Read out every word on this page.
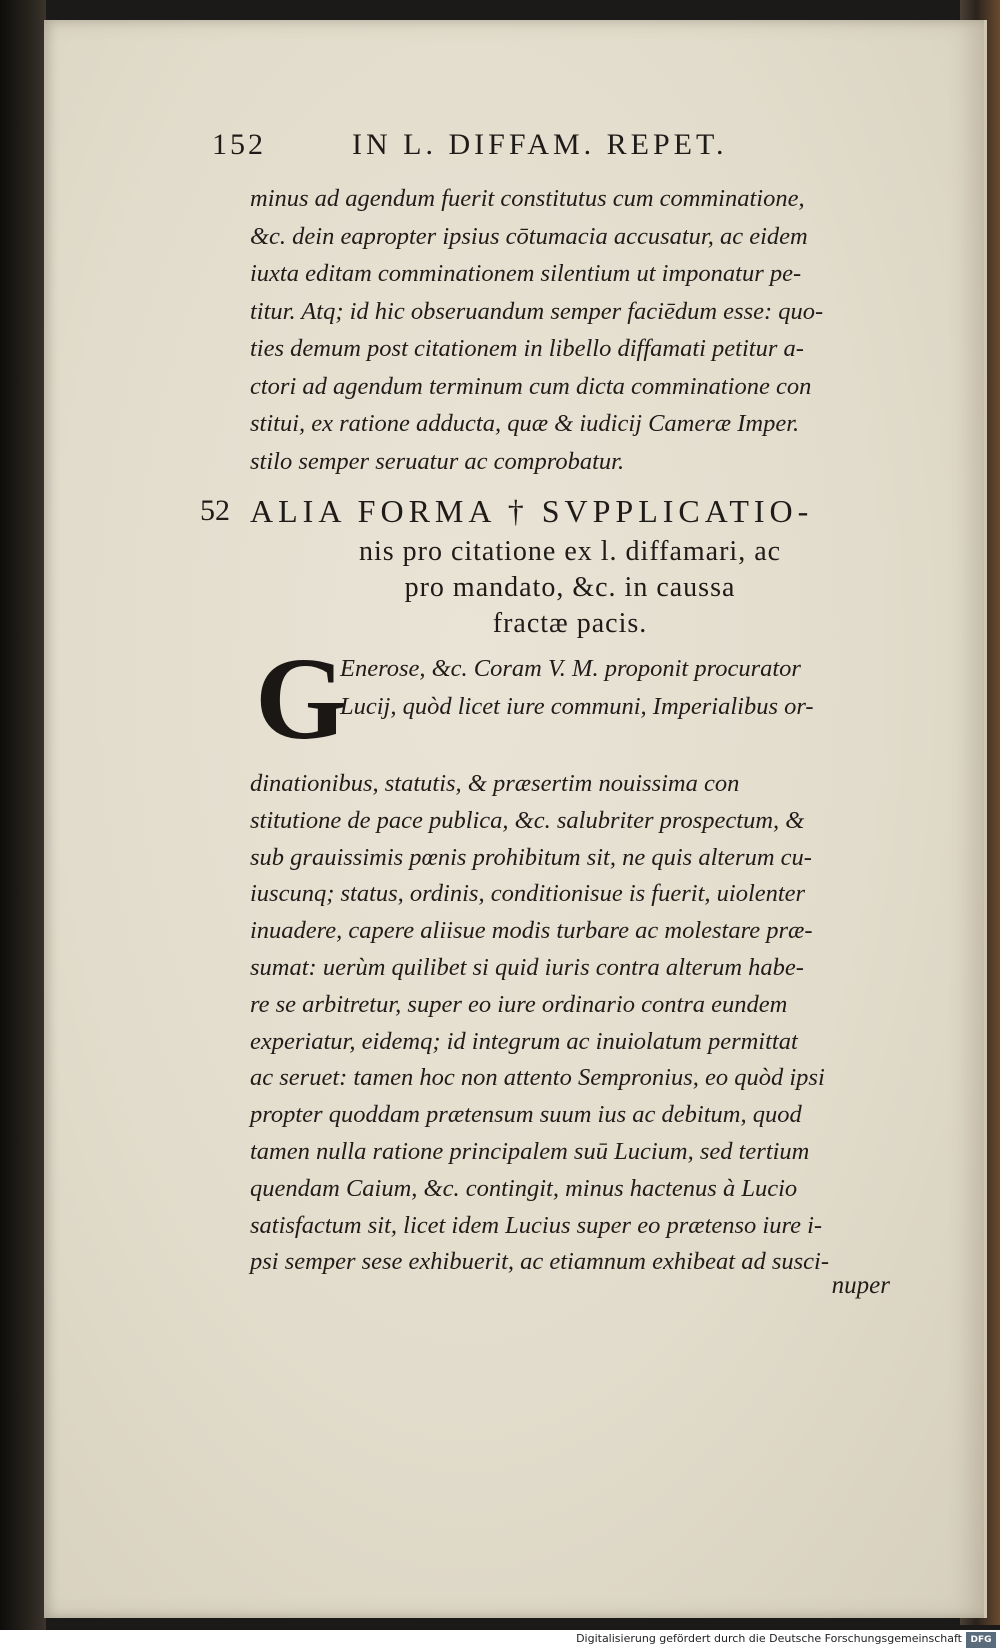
152	IN L. DIFFAM. REPET.
minus ad agendum fuerit constitutus cum comminatione,
&c. dein eapropter ipsius cōtumacia accusatur, ac eidem
iuxta editam comminationem silentium ut imponatur pe-
titur. Atq; id hic obseruandum semper faciēdum esse: quo-
ties demum post citationem in libello diffamati petitur a-
ctori ad agendum terminum cum dicta comminatione con
stitui, ex ratione adducta, quæ & iudicij Cameræ Imper.
stilo semper seruatur ac comprobatur.
52 ALIA FORMA † SVPPLICATIO-
nis pro citatione ex l. diffamari, ac
pro mandato, &c. in caussa
fractæ pacis.
G
Enerose, &c. Coram V. M. proponit procurator
Lucij, quòd licet iure communi, Imperialibus or-
dinationibus, statutis, & præsertim nouissima con
stitutione de pace publica, &c. salubriter prospectum, &
sub grauissimis pœnis prohibitum sit, ne quis alterum cu-
iuscunq; status, ordinis, conditionisue is fuerit, uiolenter
inuadere, capere aliisue modis turbare ac molestare præ-
sumat: uerùm quilibet si quid iuris contra alterum habe-
re se arbitretur, super eo iure ordinario contra eundem
experiatur, eidemq; id integrum ac inuiolatum permittat
ac seruet: tamen hoc non attento Sempronius, eo quòd ipsi
propter quoddam prætensum suum ius ac debitum, quod
tamen nulla ratione principalem suū Lucium, sed tertium
quendam Caium, &c. contingit, minus hactenus à Lucio
satisfactum sit, licet idem Lucius super eo prætenso iure i-
psi semper sese exhibuerit, ac etiamnum exhibeat ad susci-
nuper
Digitalisierung gefördert durch die Deutsche Forschungsgemeinschaft DFG
